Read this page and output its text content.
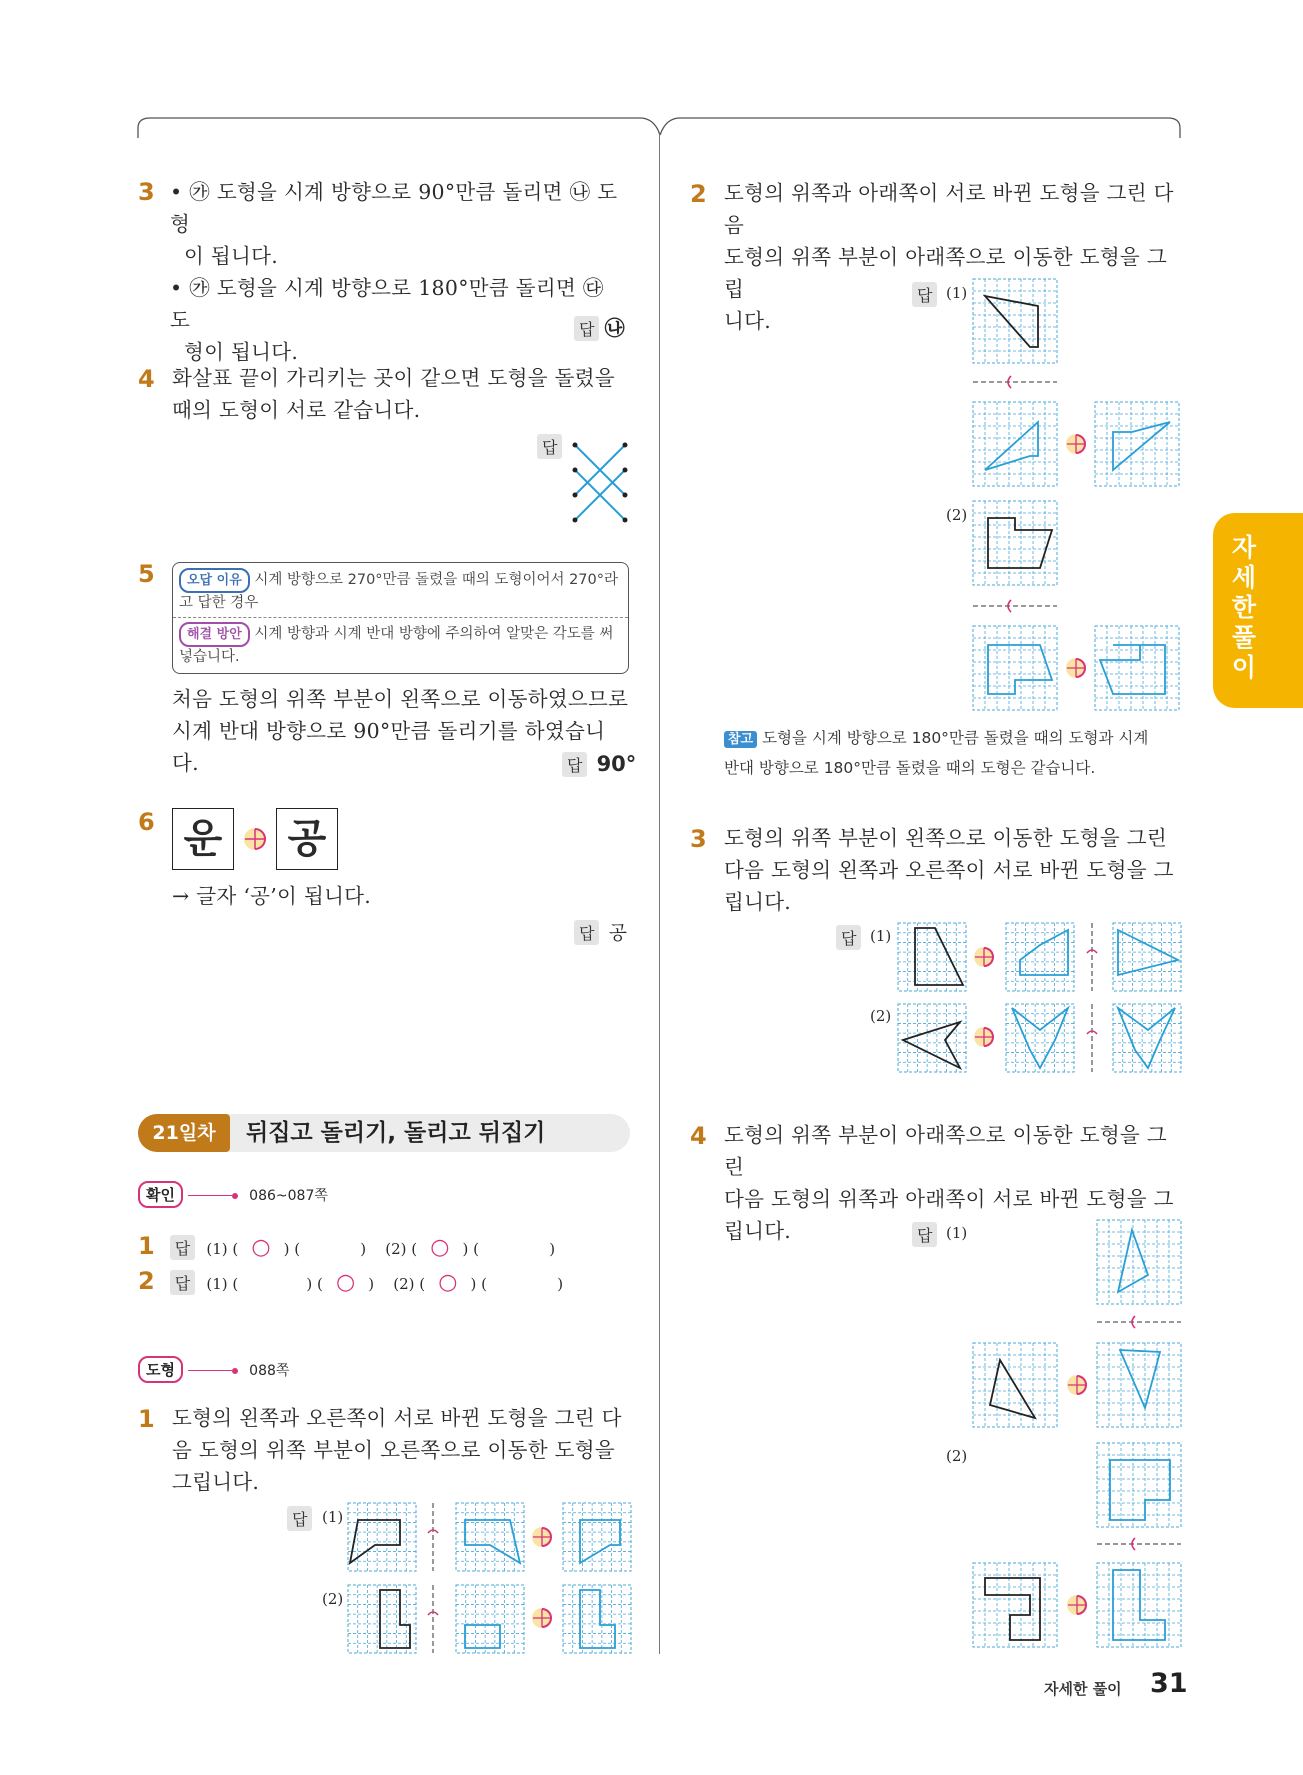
3 • ㉮ 도형을 시계 방향으로 90°만큼 돌리면 ㉯ 도형
이 됩니다.
• ㉮ 도형을 시계 방향으로 180°만큼 돌리면 ㉰ 도
형이 됩니다.
답 ㉯
4 화살표 끝이 가리키는 곳이 같으면 도형을 돌렸을
때의 도형이 서로 같습니다.
답
5	오답 이유 시계 방향으로 270°만큼 돌렸을 때의 도형이어서 270°라
고 답한 경우
해결 방안 시계 방향과 시계 반대 방향에 주의하여 알맞은 각도를 써
넣습니다.
처음 도형의 위쪽 부분이 왼쪽으로 이동하였으므로
시계 반대 방향으로 90°만큼 돌리기를 하였습니다.	답 90°
6 운 공
→ 글자 ‘공’이 됩니다.
답 공
21일차	뒤집고 돌리기, 돌리고 뒤집기
확인	086~087쪽
1 답 (1) ( ○ ) (	) (2) ( ○ ) (	)
2 답 (1) (	) ( ○ ) (2) ( ○ ) (	)
도형	088쪽
1 도형의 왼쪽과 오른쪽이 서로 바뀐 도형을 그린 다
음 도형의 위쪽 부분이 오른쪽으로 이동한 도형을
그립니다.
답 (1)
(2)
2 도형의 위쪽과 아래쪽이 서로 바뀐 도형을 그린 다음
도형의 위쪽 부분이 아래쪽으로 이동한 도형을 그립
니다.
답 (1)
(2)
참고 도형을 시계 방향으로 180°만큼 돌렸을 때의 도형과 시계
반대 방향으로 180°만큼 돌렸을 때의 도형은 같습니다.
3 도형의 위쪽 부분이 왼쪽으로 이동한 도형을 그린
다음 도형의 왼쪽과 오른쪽이 서로 바뀐 도형을 그
립니다.
답 (1)
(2)
4 도형의 위쪽 부분이 아래쪽으로 이동한 도형을 그린
다음 도형의 위쪽과 아래쪽이 서로 바뀐 도형을 그
립니다.	답 (1)
(2)
자
세
한
풀
이
자세한 풀이 31
